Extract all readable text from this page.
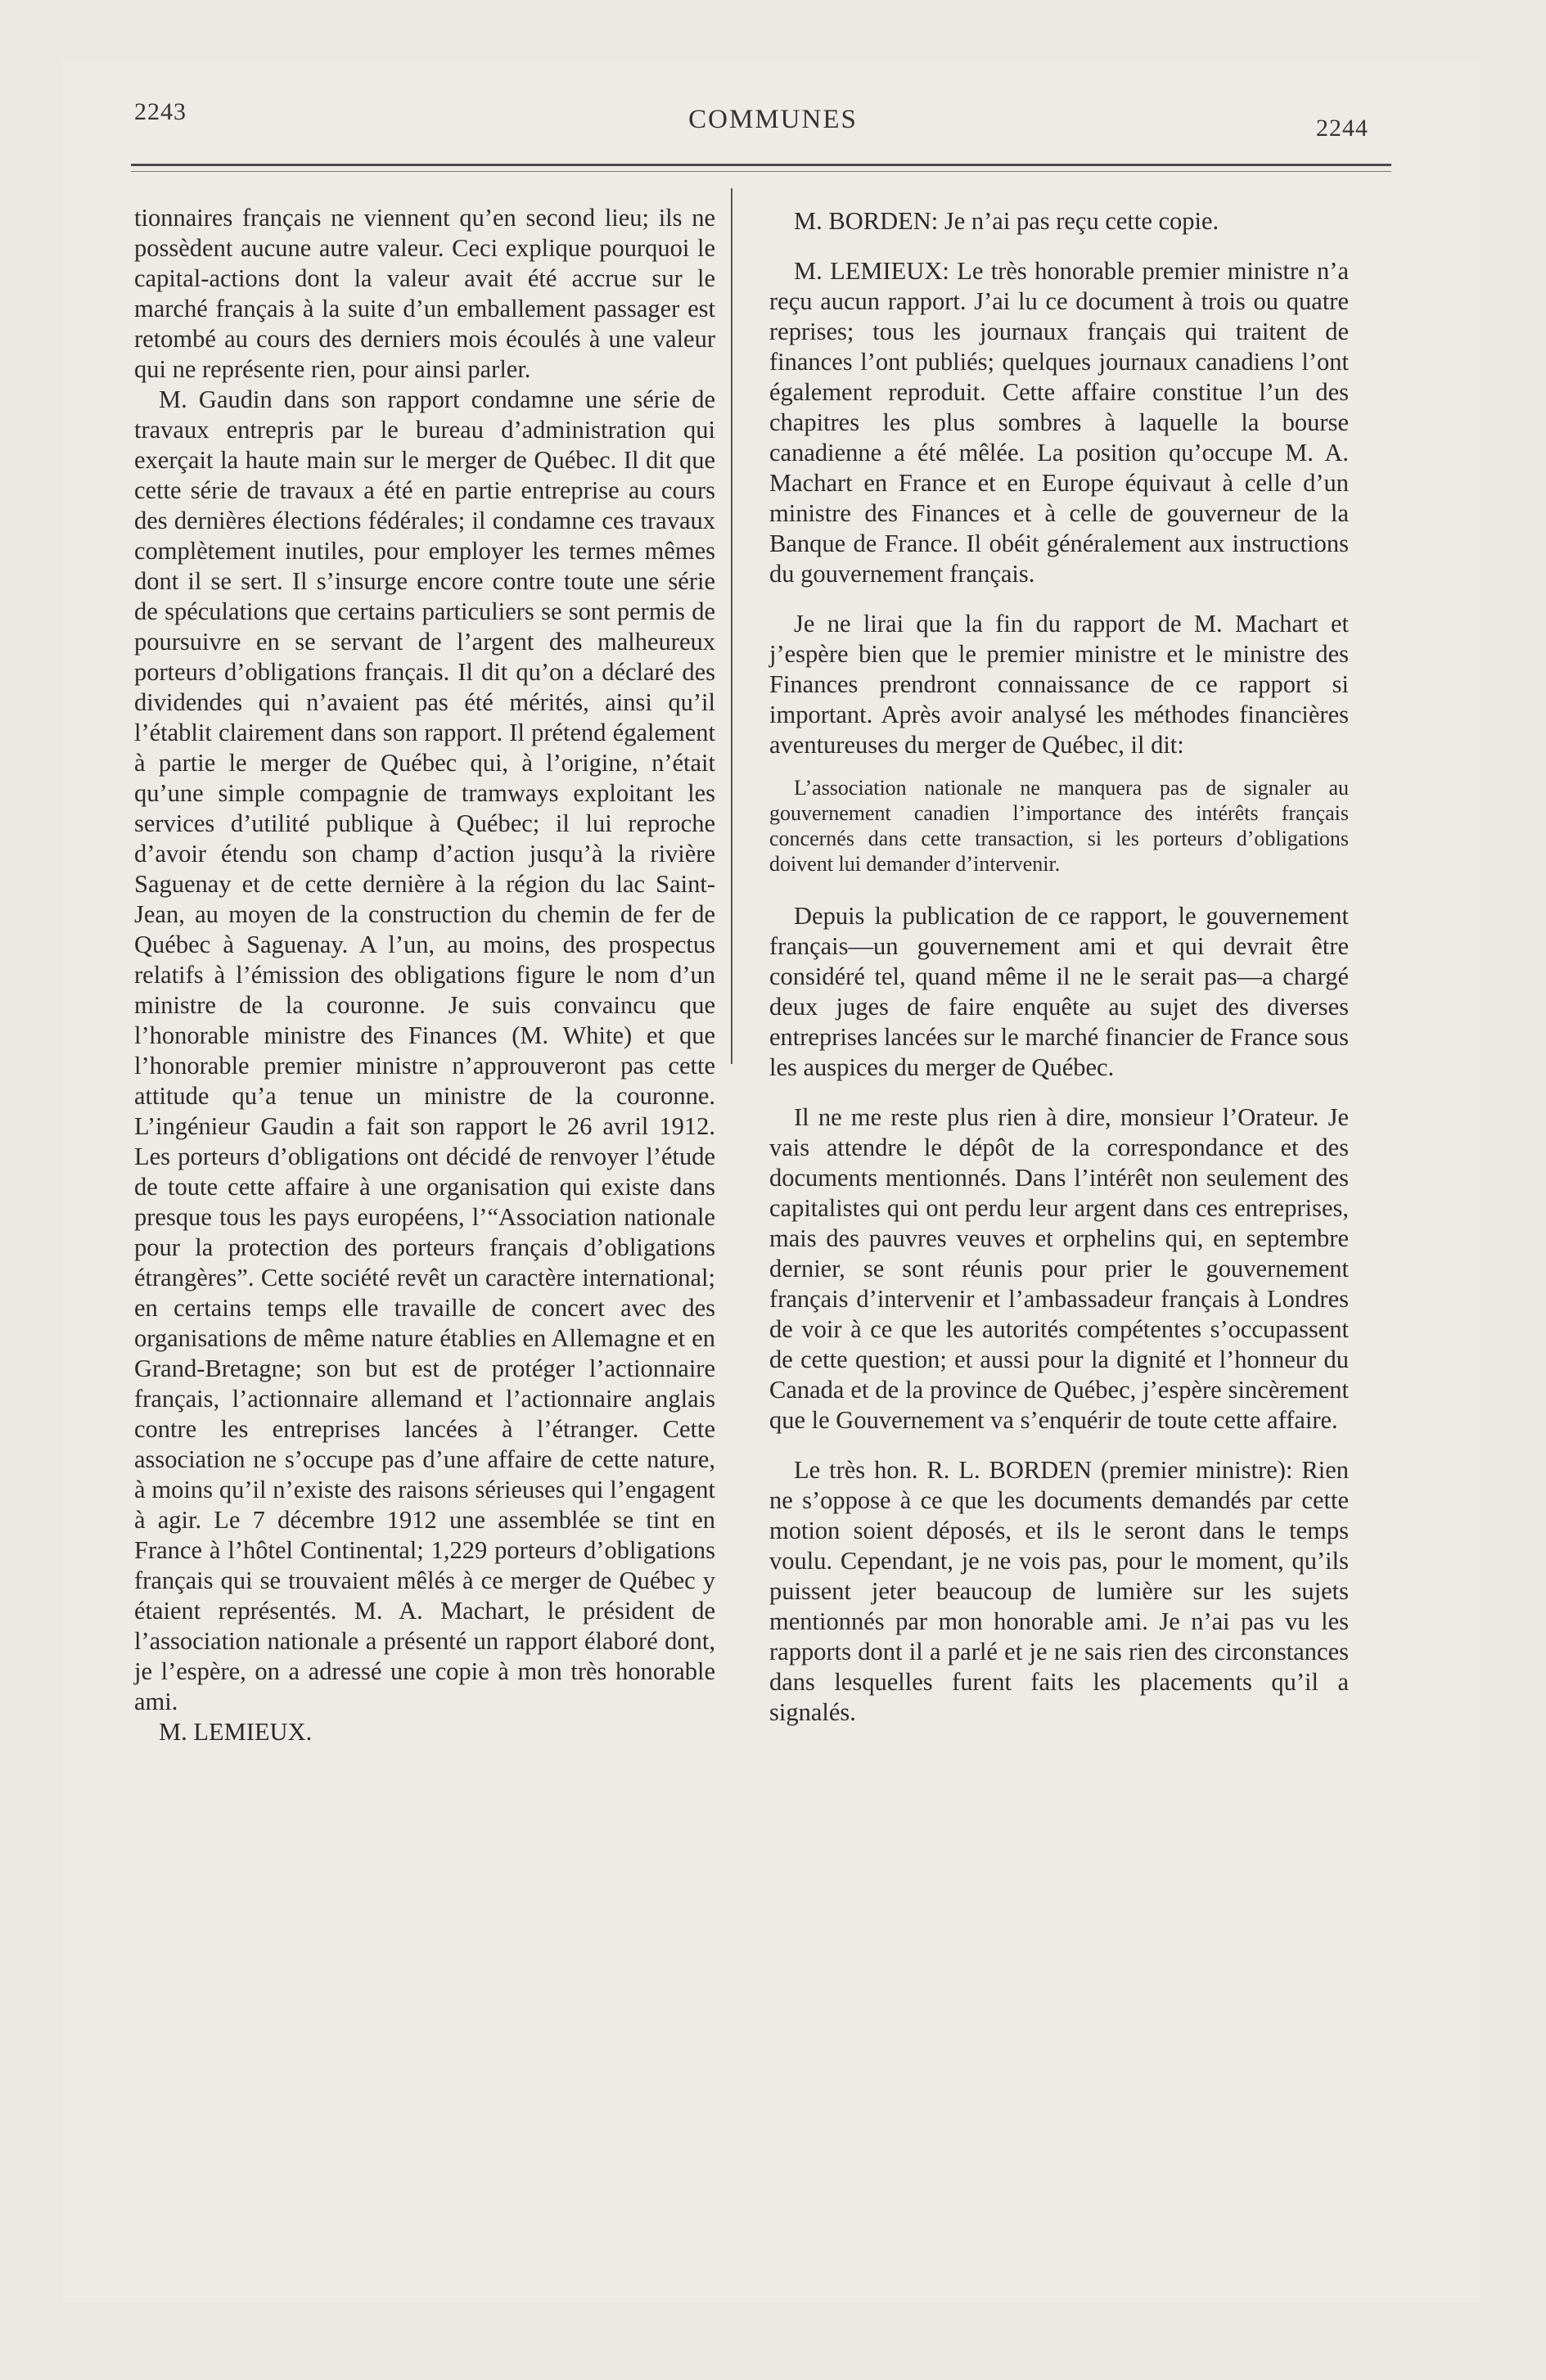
2243	COMMUNES	2244

tionnaires français ne viennent qu’en second lieu; ils ne possèdent aucune autre valeur. Ceci explique pourquoi le capital-actions dont la valeur avait été accrue sur le marché français à la suite d’un emballement passager est retombé au cours des derniers mois écoulés à une valeur qui ne représente rien, pour ainsi parler.

M. Gaudin dans son rapport condamne une série de travaux entrepris par le bureau d’administration qui exerçait la haute main sur le merger de Québec. Il dit que cette série de travaux a été en partie entreprise au cours des dernières élections fédérales; il condamne ces travaux complètement inutiles, pour employer les termes mêmes dont il se sert. Il s’insurge encore contre toute une série de spéculations que certains particuliers se sont permis de poursuivre en se servant de l’argent des malheureux porteurs d’obligations français. Il dit qu’on a déclaré des dividendes qui n’avaient pas été mérités, ainsi qu’il l’établit clairement dans son rapport. Il prétend également à partie le merger de Québec qui, à l’origine, n’était qu’une simple compagnie de tramways exploitant les services d’utilité publique à Québec; il lui reproche d’avoir étendu son champ d’action jusqu’à la rivière Saguenay et de cette dernière à la région du lac Saint-Jean, au moyen de la construction du chemin de fer de Québec à Saguenay. A l’un, au moins, des prospectus relatifs à l’émission des obligations figure le nom d’un ministre de la couronne. Je suis convaincu que l’honorable ministre des Finances (M. White) et que l’honorable premier ministre n’approuveront pas cette attitude qu’a tenue un ministre de la couronne. L’ingénieur Gaudin a fait son rapport le 26 avril 1912. Les porteurs d’obligations ont décidé de renvoyer l’étude de toute cette affaire à une organisation qui existe dans presque tous les pays européens, l’“Association nationale pour la protection des porteurs français d’obligations étrangères”. Cette société revêt un caractère international; en certains temps elle travaille de concert avec des organisations de même nature établies en Allemagne et en Grand-Bretagne; son but est de protéger l’actionnaire français, l’actionnaire allemand et l’actionnaire anglais contre les entreprises lancées à l’étranger. Cette association ne s’occupe pas d’une affaire de cette nature, à moins qu’il n’existe des raisons sérieuses qui l’engagent à agir. Le 7 décembre 1912 une assemblée se tint en France à l’hôtel Continental; 1,229 porteurs d’obligations français qui se trouvaient mêlés à ce merger de Québec y étaient représentés. M. A. Machart, le président de l’association nationale a présenté un rapport élaboré dont, je l’espère, on a adressé une copie à mon très honorable ami.

M. LEMIEUX.

M. BORDEN: Je n’ai pas reçu cette copie.

M. LEMIEUX: Le très honorable premier ministre n’a reçu aucun rapport. J’ai lu ce document à trois ou quatre reprises; tous les journaux français qui traitent de finances l’ont publiés; quelques journaux canadiens l’ont également reproduit. Cette affaire constitue l’un des chapitres les plus sombres à laquelle la bourse canadienne a été mêlée. La position qu’occupe M. A. Machart en France et en Europe équivaut à celle d’un ministre des Finances et à celle de gouverneur de la Banque de France. Il obéit généralement aux instructions du gouvernement français.

Je ne lirai que la fin du rapport de M. Machart et j’espère bien que le premier ministre et le ministre des Finances prendront connaissance de ce rapport si important. Après avoir analysé les méthodes financières aventureuses du merger de Québec, il dit:

L’association nationale ne manquera pas de signaler au gouvernement canadien l’importance des intérêts français concernés dans cette transaction, si les porteurs d’obligations doivent lui demander d’intervenir.

Depuis la publication de ce rapport, le gouvernement français—un gouvernement ami et qui devrait être considéré tel, quand même il ne le serait pas—a chargé deux juges de faire enquête au sujet des diverses entreprises lancées sur le marché financier de France sous les auspices du merger de Québec.

Il ne me reste plus rien à dire, monsieur l’Orateur. Je vais attendre le dépôt de la correspondance et des documents mentionnés. Dans l’intérêt non seulement des capitalistes qui ont perdu leur argent dans ces entreprises, mais des pauvres veuves et orphelins qui, en septembre dernier, se sont réunis pour prier le gouvernement français d’intervenir et l’ambassadeur français à Londres de voir à ce que les autorités compétentes s’occupassent de cette question; et aussi pour la dignité et l’honneur du Canada et de la province de Québec, j’espère sincèrement que le Gouvernement va s’enquérir de toute cette affaire.

Le très hon. R. L. BORDEN (premier ministre): Rien ne s’oppose à ce que les documents demandés par cette motion soient déposés, et ils le seront dans le temps voulu. Cependant, je ne vois pas, pour le moment, qu’ils puissent jeter beaucoup de lumière sur les sujets mentionnés par mon honorable ami. Je n’ai pas vu les rapports dont il a parlé et je ne sais rien des circonstances dans lesquelles furent faits les placements qu’il a signalés.
